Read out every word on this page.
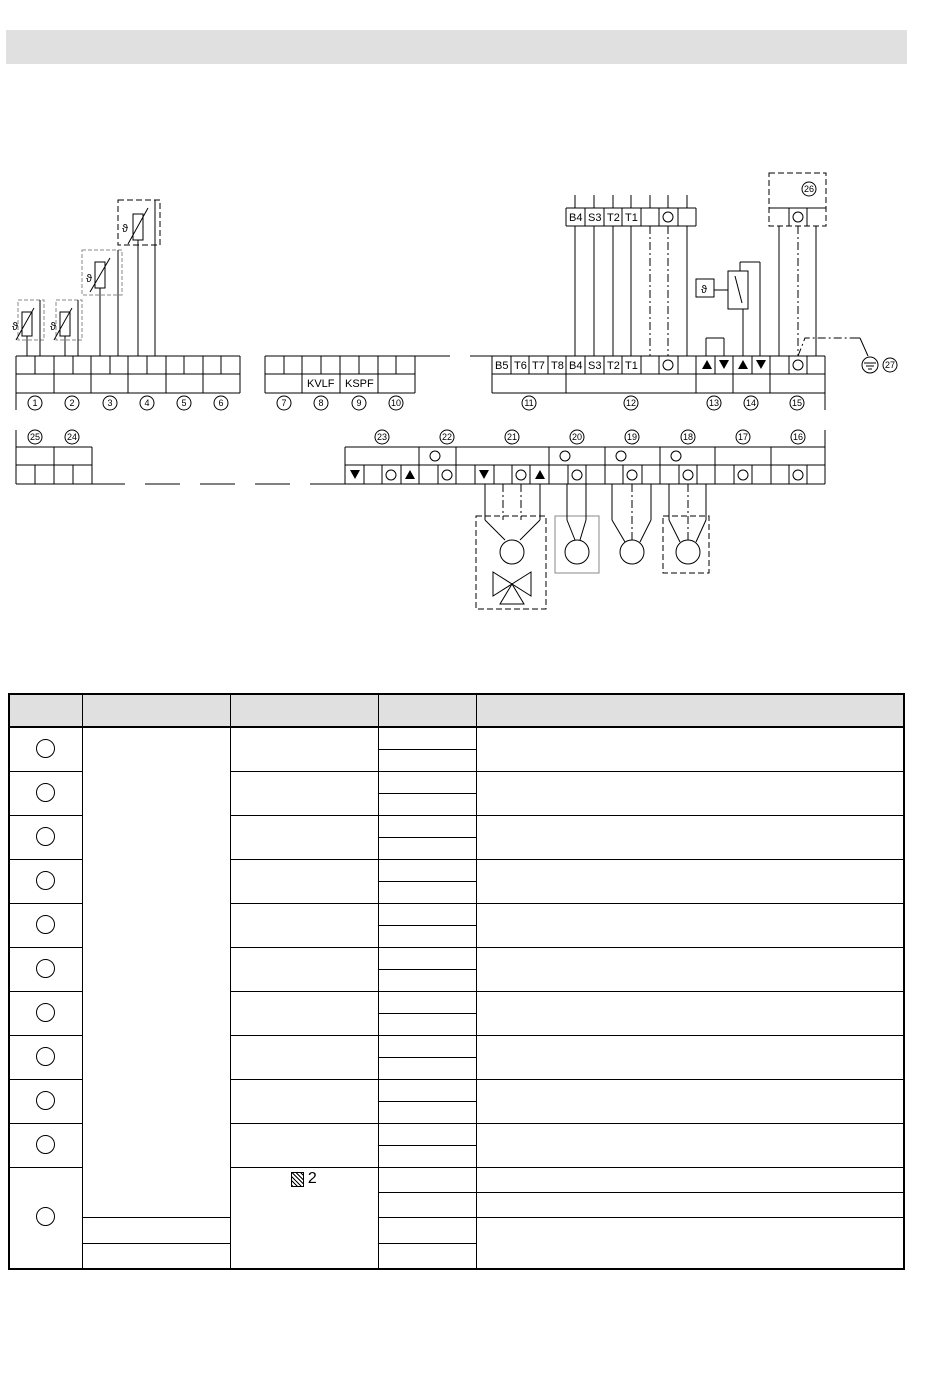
B4 S3 T2 T1
B5 T6 T7 T8 B4 S3 T2 T1
KVLF KSPF
ϑ	ϑ
ϑ
ϑ
ϑ
1	2	3	4	5	6	7	8	9	10	11	12	13	14	15
25	24	23	22	21	20	19	18	17	16
26
27

		2		
